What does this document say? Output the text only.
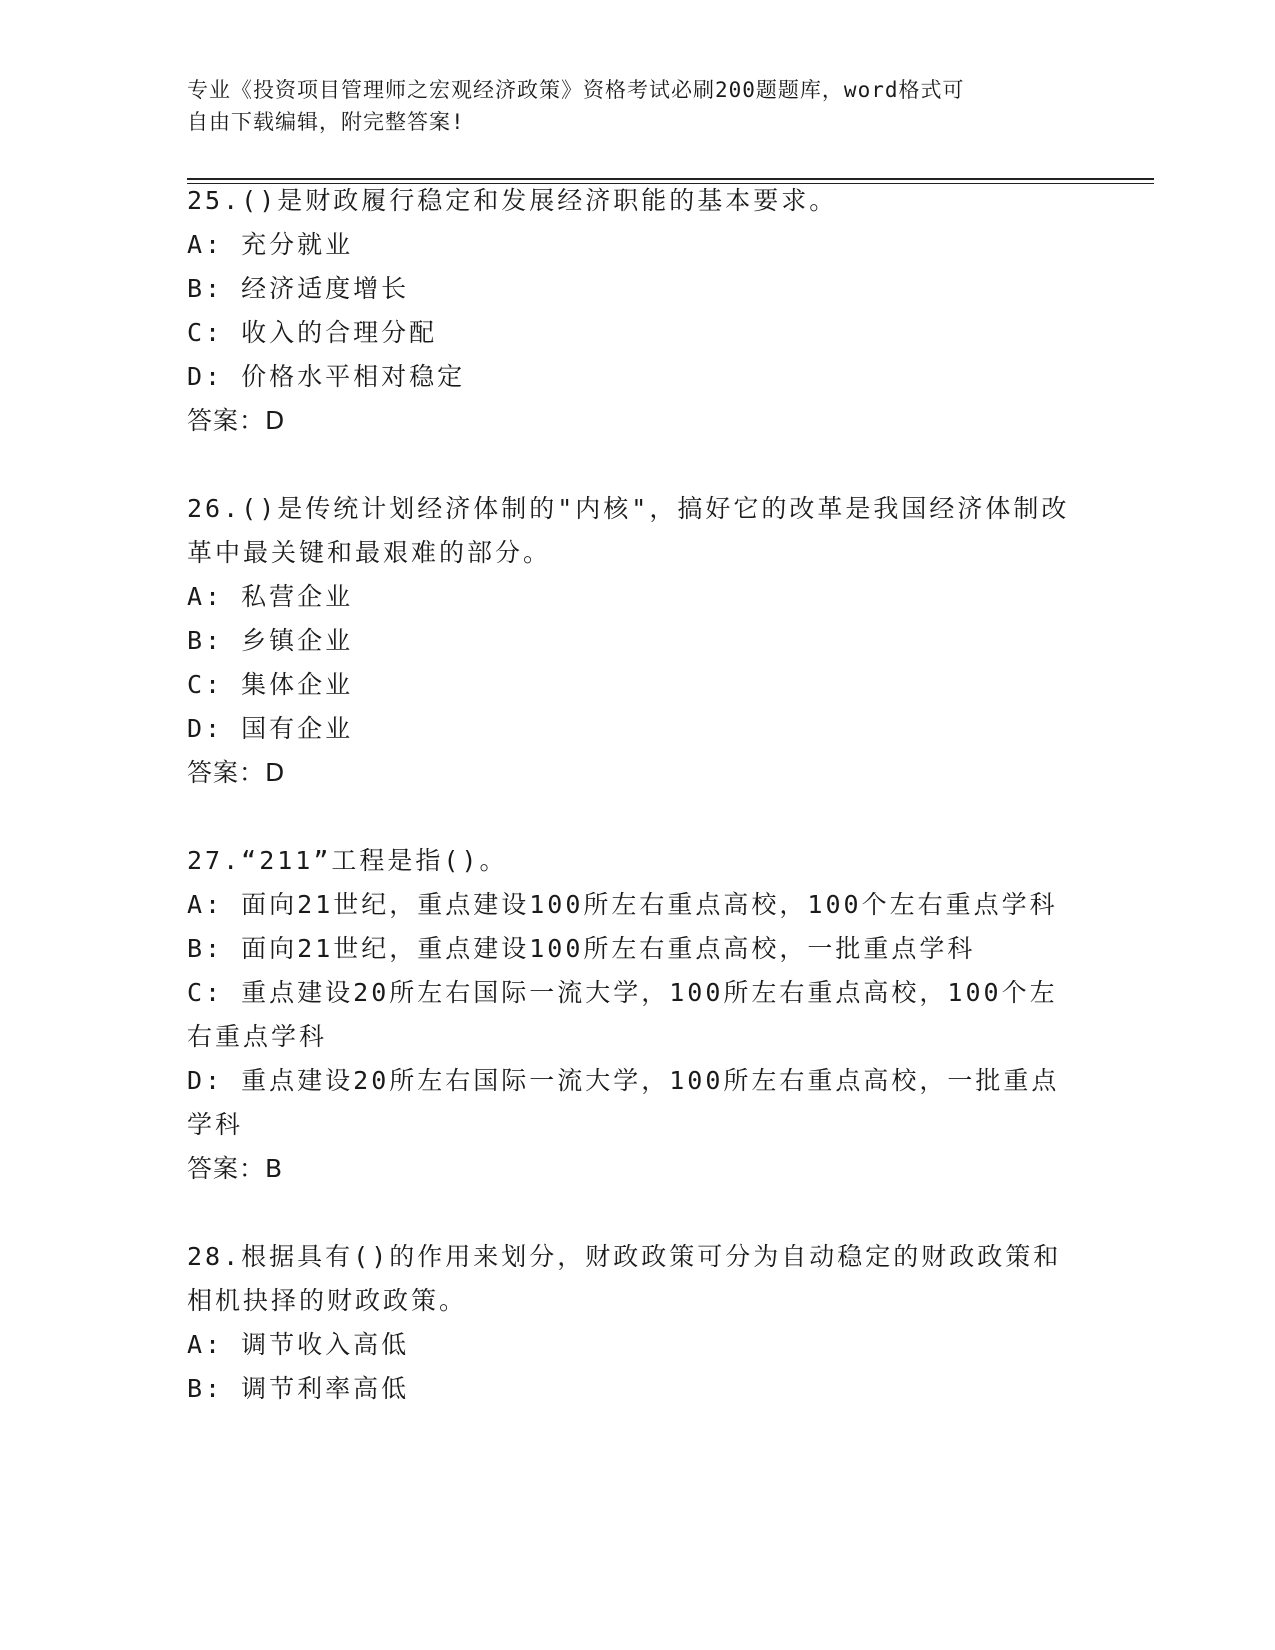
专业《投资项目管理师之宏观经济政策》资格考试必刷200题题库，word格式可
自由下载编辑，附完整答案!
25.()是财政履行稳定和发展经济职能的基本要求。
A: 充分就业
B: 经济适度增长
C: 收入的合理分配
D: 价格水平相对稳定
答案：D
26.()是传统计划经济体制的"内核"，搞好它的改革是我国经济体制改
革中最关键和最艰难的部分。
A: 私营企业
B: 乡镇企业
C: 集体企业
D: 国有企业
答案：D
27.“211”工程是指()。
A: 面向21世纪，重点建设100所左右重点高校，100个左右重点学科
B: 面向21世纪，重点建设100所左右重点高校，一批重点学科
C: 重点建设20所左右国际一流大学，100所左右重点高校，100个左
右重点学科
D: 重点建设20所左右国际一流大学，100所左右重点高校，一批重点
学科
答案：B
28.根据具有()的作用来划分，财政政策可分为自动稳定的财政政策和
相机抉择的财政政策。
A: 调节收入高低
B: 调节利率高低
